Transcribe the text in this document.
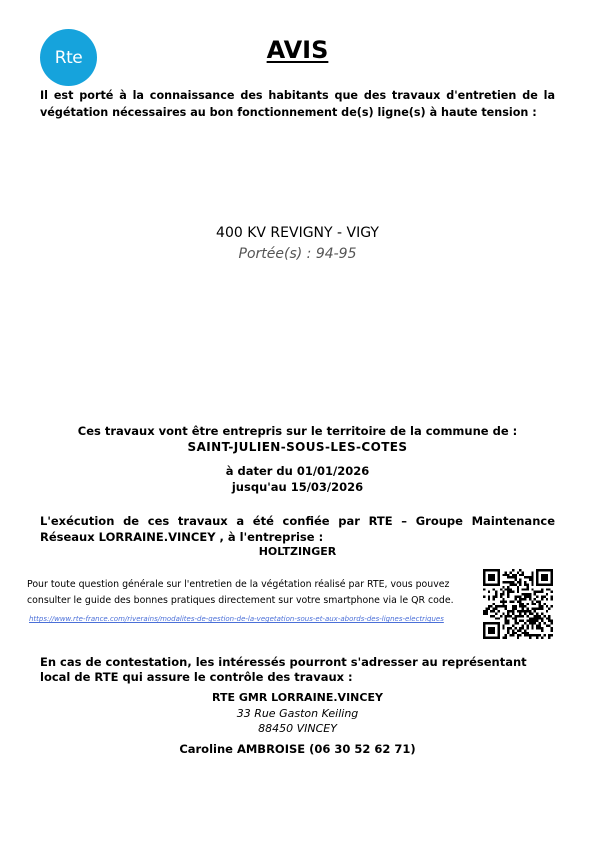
Rte	AVIS
Il est porté à la connaissance des habitants que des travaux d'entretien de la végétation nécessaires au bon fonctionnement de(s) ligne(s) à haute tension :
400 KV REVIGNY - VIGY
Portée(s) : 94-95
Ces travaux vont être entrepris sur le territoire de la commune de :
SAINT-JULIEN-SOUS-LES-COTES
à dater du 01/01/2026
jusqu'au 15/03/2026
L'exécution de ces travaux a été confiée par RTE – Groupe Maintenance Réseaux LORRAINE.VINCEY , à l'entreprise :
HOLTZINGER
Pour toute question générale sur l'entretien de la végétation réalisé par RTE, vous pouvez consulter le guide des bonnes pratiques directement sur votre smartphone via le QR code.
https://www.rte-france.com/riverains/modalites-de-gestion-de-la-vegetation-sous-et-aux-abords-des-lignes-electriques
En cas de contestation, les intéressés pourront s'adresser au représentant local de RTE qui assure le contrôle des travaux :
RTE GMR LORRAINE.VINCEY
33 Rue Gaston Keiling
88450 VINCEY
Caroline AMBROISE (06 30 52 62 71)
